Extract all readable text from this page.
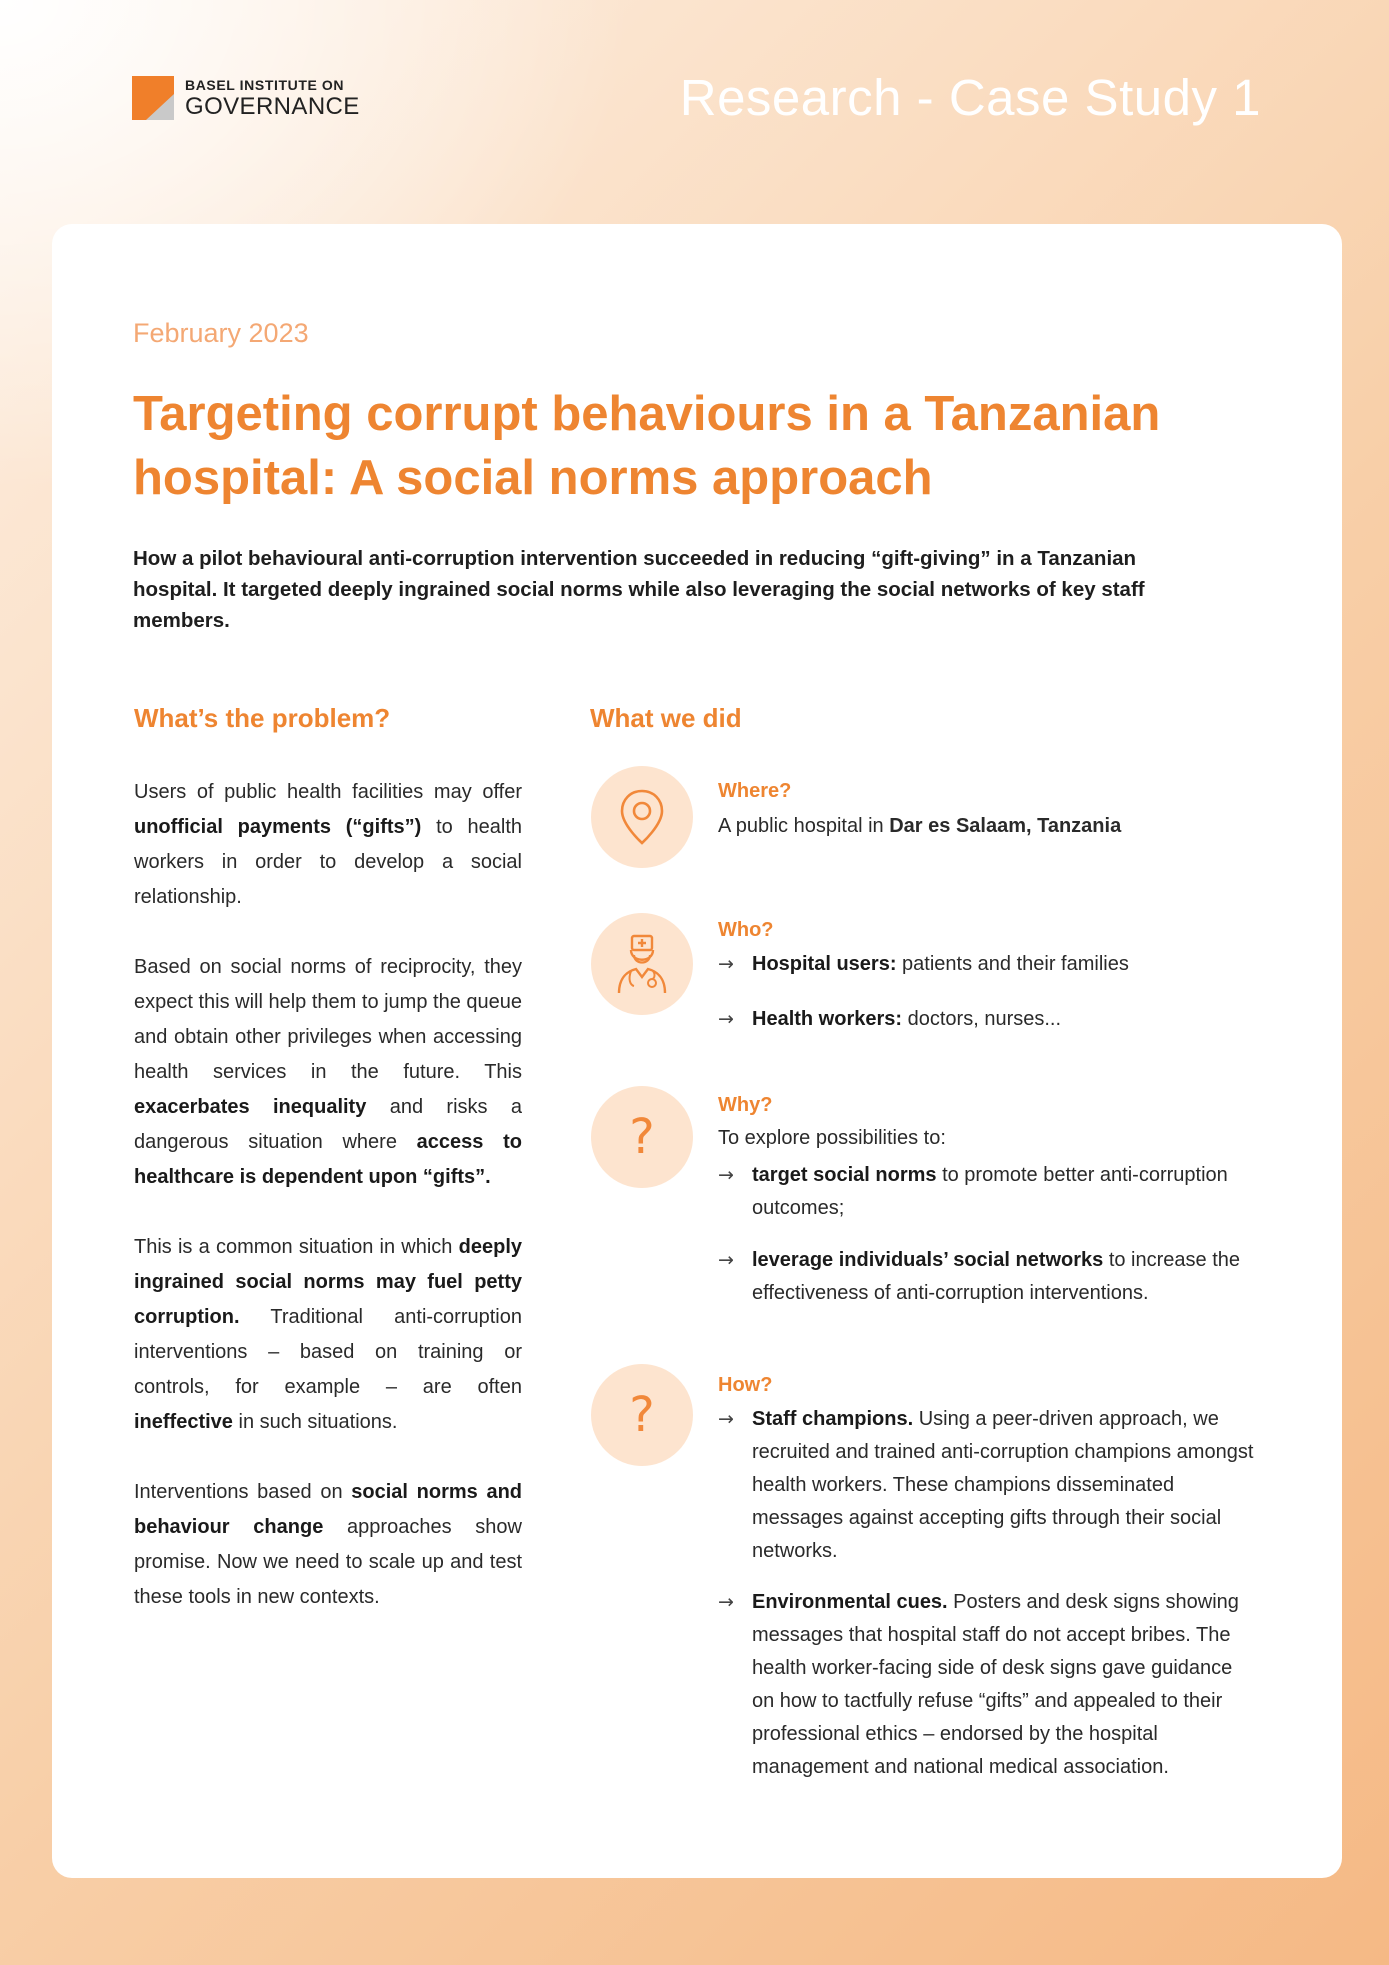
BASEL INSTITUTE ON
GOVERNANCE	Research - Case Study 1
February 2023
Targeting corrupt behaviours in a Tanzanian hospital: A social norms approach

How a pilot behavioural anti-corruption intervention succeeded in reducing “gift-giving” in a Tanzanian hospital. It targeted deeply ingrained social norms while also leveraging the social networks of key staff members.

What’s the problem?

Users of public health facilities may offer unofficial payments (“gifts”) to health workers in order to develop a social relationship.

Based on social norms of reciprocity, they expect this will help them to jump the queue and obtain other privileges when accessing health services in the future. This exacerbates inequality and risks a dangerous situation where access to healthcare is dependent upon “gifts”.

This is a common situation in which deeply ingrained social norms may fuel petty corruption. Traditional anti-corruption interventions – based on training or controls, for example – are often ineffective in such situations.

Interventions based on social norms and behaviour change approaches show promise. Now we need to scale up and test these tools in new contexts.

What we did

Where?

A public hospital in Dar es Salaam, Tanzania

Who?

→ Hospital users: patients and their families
→ Health workers: doctors, nurses...
?

Why?

To explore possibilities to:

→ target social norms to promote better anti-corruption outcomes;
→ leverage individuals’ social networks to increase the effectiveness of anti-corruption interventions.
?

How?

→ Staff champions. Using a peer-driven approach, we recruited and trained anti-corruption champions amongst health workers. These champions disseminated messages against accepting gifts through their social networks.
→ Environmental cues. Posters and desk signs showing messages that hospital staff do not accept bribes. The health worker-facing side of desk signs gave guidance on how to tactfully refuse “gifts” and appealed to their professional ethics – endorsed by the hospital management and national medical association.
